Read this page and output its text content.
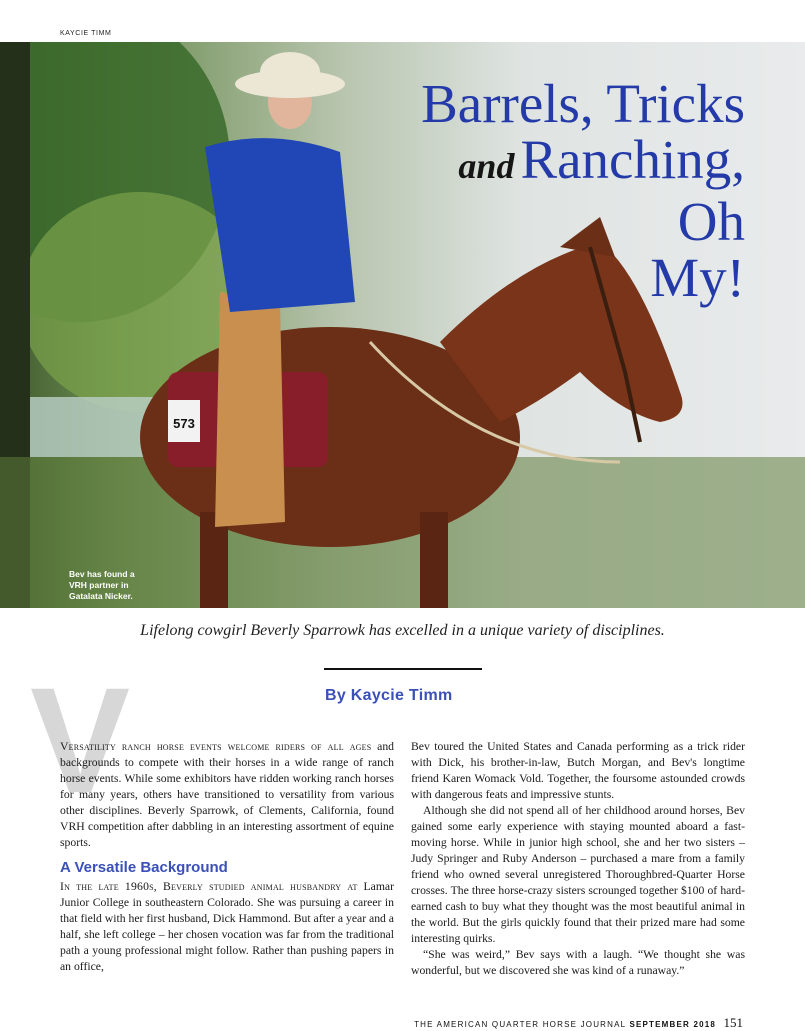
KAYCIE TIMM
573
Barrels, Tricks
and Ranching,
Oh
My!
Bev has found a VRH partner in Gatalata Nicker.
Lifelong cowgirl Beverly Sparrowk has excelled in a unique variety of disciplines.
V	By Kaycie Timm

Versatility ranch horse events welcome riders of all ages and backgrounds to compete with their horses in a wide range of ranch horse events. While some exhibitors have ridden working ranch horses for many years, others have transitioned to versatility from various other disciplines. Beverly Sparrowk, of Clements, California, found VRH competition after dabbling in an interesting assortment of equine sports.

A Versatile Background

In the late 1960s, Beverly studied animal husbandry at Lamar Junior College in southeastern Colorado. She was pursuing a career in that field with her first husband, Dick Hammond. But after a year and a half, she left college – her chosen vocation was far from the traditional path a young professional might follow. Rather than pushing papers in an office,

Bev toured the United States and Canada performing as a trick rider with Dick, his brother-in-law, Butch Morgan, and Bev's longtime friend Karen Womack Vold. Together, the foursome astounded crowds with dangerous feats and impressive stunts.

Although she did not spend all of her childhood around horses, Bev gained some early experience with staying mounted aboard a fast-moving horse. While in junior high school, she and her two sisters – Judy Springer and Ruby Anderson – purchased a mare from a family friend who owned several unregistered Thoroughbred-Quarter Horse crosses. The three horse-crazy sisters scrounged together $100 of hard-earned cash to buy what they thought was the most beautiful animal in the world. But the girls quickly found that their prized mare had some interesting quirks.

“She was weird,” Bev says with a laugh. “We thought she was wonderful, but we discovered she was kind of a runaway.”

THE AMERICAN QUARTER HORSE JOURNAL SEPTEMBER 2018 151
